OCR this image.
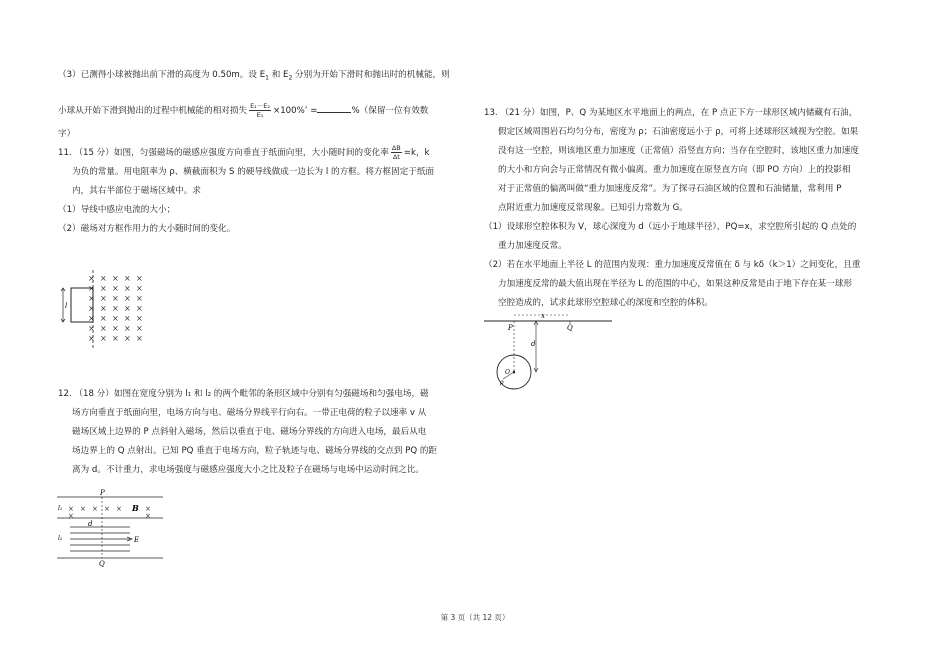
（3）已测得小球被抛出前下滑的高度为 0.50m。设 $E_1$ 和 $E_2$ 分别为开始下滑时和抛出时的机械能，则

小球从开始下滑到抛出的过程中机械能的相对损失 $\frac{\text{E₁－E₂}}{\text{E₁}} \times 100\%$’ =	%（保留一位有效数

字）

11. （15 分）如图，匀强磁场的磁感应强度方向垂直于纸面向里，大小随时间的变化率 $\frac{\Delta B}{\Delta t} =k$，k

为负的常量。用电阻率为 ρ、横截面积为 S 的硬导线做成一边长为 l 的方框。将方框固定于纸面

内，其右半部位于磁场区域中。求

（1）导线中感应电流的大小；

（2）磁场对方框作用力的大小随时间的变化。

× × × × ×
l

12. （18 分）如图在宽度分别为 l₁ 和 l₂ 的两个毗邻的条形区域中分别有匀强磁场和匀强电场，磁

场方向垂直于纸面向里，电场方向与电、磁场分界线平行向右。一带正电荷的粒子以速率 v 从

磁场区域上边界的 P 点斜射入磁场，然后以垂直于电、磁场分界线的方向进入电场，最后从电

场边界上的 Q 点射出。已知 PQ 垂直于电场方向，粒子轨迹与电、磁场分界线的交点到 PQ 的距

离为 d。不计重力，求电场强度与磁感应强度大小之比及粒子在磁场与电场中运动时间之比。

× × × × ×	×
×	×
B
P
E
d
l₁
l₂
Q

13. （21 分）如图，P、Q 为某地区水平地面上的两点，在 P 点正下方一球形区域内储藏有石油，

假定区域周围岩石均匀分布，密度为 ρ；石油密度远小于 ρ，可将上述球形区域视为空腔。如果

没有这一空腔，则该地区重力加速度（正常值）沿竖直方向；当存在空腔时，该地区重力加速度

的大小和方向会与正常情况有微小偏离。重力加速度在原竖直方向（即 PO 方向）上的投影相

对于正常值的偏离叫做“重力加速度反常”。为了探寻石油区域的位置和石油储量，常利用 P

点附近重力加速度反常现象。已知引力常数为 G。

（1）设球形空腔体积为 V，球心深度为 d（远小于地球半径），PQ=x，求空腔所引起的 Q 点处的

重力加速度反常。

（2）若在水平地面上半径 L 的范围内发现：重力加速度反常值在 δ 与 kδ（k＞1）之间变化，且重

力加速度反常的最大值出现在半径为 L 的范围的中心，如果这种反常是由于地下存在某一球形

空腔造成的，试求此球形空腔球心的深度和空腔的体积。

P	Q
x
d
O
ρ
第 3 页（共 12 页）
